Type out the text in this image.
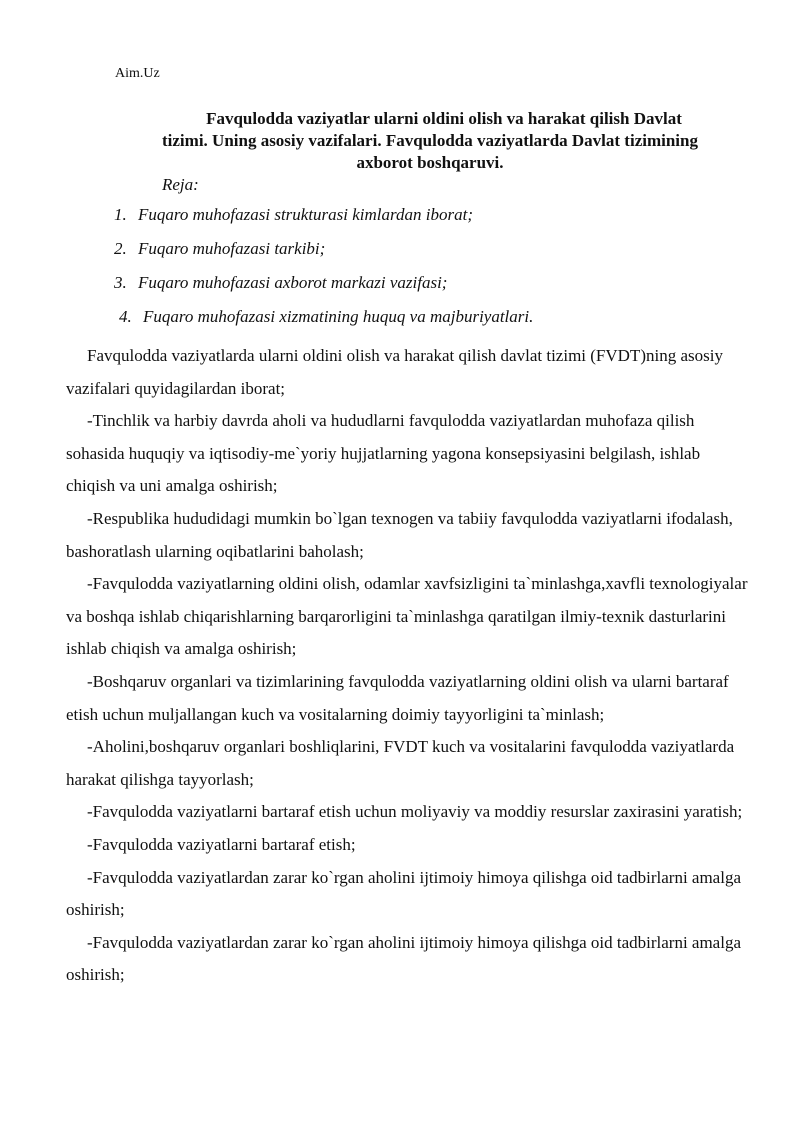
Aim.Uz
Favqulodda vaziyatlar ularni oldini olish va harakat qilish Davlat
tizimi. Uning asosiy vazifalari. Favqulodda vaziyatlarda Davlat tizimining
axborot boshqaruvi.
Reja:
1. Fuqaro muhofazasi strukturasi kimlardan iborat;
2. Fuqaro muhofazasi tarkibi;
3. Fuqaro muhofazasi axborot markazi vazifasi;
4. Fuqaro muhofazasi xizmatining huquq va majburiyatlari.

Favqulodda vaziyatlarda ularni oldini olish va harakat qilish davlat tizimi (FVDT)ning asosiy vazifalari quyidagilardan iborat;

-Tinchlik va harbiy davrda aholi va hududlarni favqulodda vaziyatlardan muhofaza qilish sohasida huquqiy va iqtisodiy-me`yoriy hujjatlarning yagona konsepsiyasini belgilash, ishlab chiqish va uni amalga oshirish;

-Respublika hududidagi mumkin bo`lgan texnogen va tabiiy favqulodda vaziyatlarni ifodalash, bashoratlash ularning oqibatlarini baholash;

-Favqulodda vaziyatlarning oldini olish, odamlar xavfsizligini ta`minlashga,xavfli texnologiyalar va boshqa ishlab chiqarishlarning barqarorligini ta`minlashga qaratilgan ilmiy-texnik dasturlarini ishlab chiqish va amalga oshirish;

-Boshqaruv organlari va tizimlarining favqulodda vaziyatlarning oldini olish va ularni bartaraf etish uchun muljallangan kuch va vositalarning doimiy tayyorligini ta`minlash;

-Aholini,boshqaruv organlari boshliqlarini, FVDT kuch va vositalarini favqulodda vaziyatlarda harakat qilishga tayyorlash;

-Favqulodda vaziyatlarni bartaraf etish uchun moliyaviy va moddiy resurslar zaxirasini yaratish;

-Favqulodda vaziyatlarni bartaraf etish;

-Favqulodda vaziyatlardan zarar ko`rgan aholini ijtimoiy himoya qilishga oid tadbirlarni amalga oshirish;

-Favqulodda vaziyatlardan zarar ko`rgan aholini ijtimoiy himoya qilishga oid tadbirlarni amalga oshirish;
